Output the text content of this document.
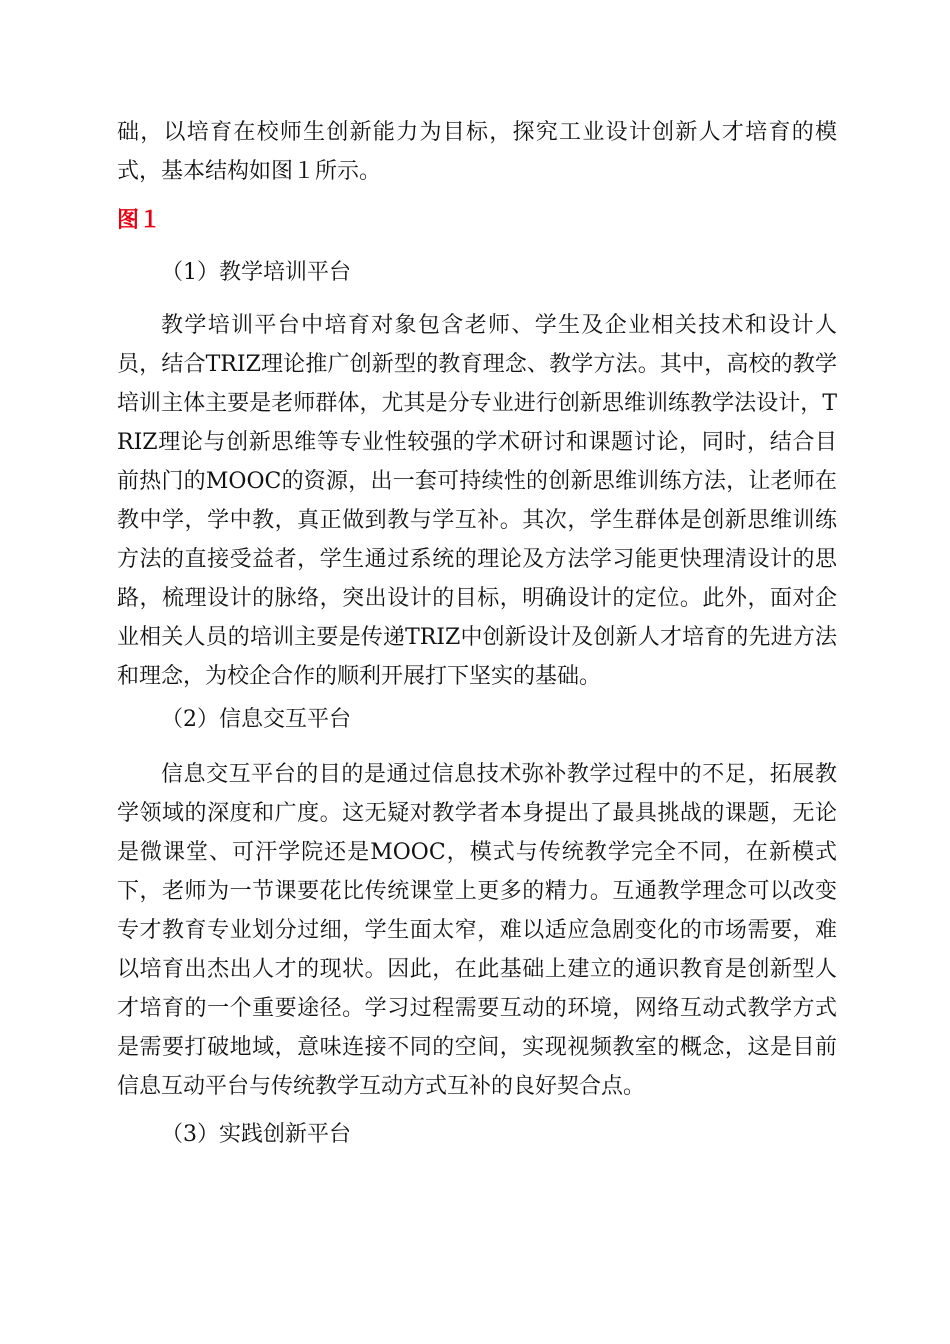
础，以培育在校师生创新能力为目标，探究工业设计创新人才培育的模式，基本结构如图１所示。

图１

（1）教学培训平台

教学培训平台中培育对象包含老师、学生及企业相关技术和设计人员，结合TRIZ理论推广创新型的教育理念、教学方法。其中，高校的教学培训主体主要是老师群体，尤其是分专业进行创新思维训练教学法设计，TRIZ理论与创新思维等专业性较强的学术研讨和课题讨论，同时，结合目前热门的MOOC的资源，出一套可持续性的创新思维训练方法，让老师在教中学，学中教，真正做到教与学互补。其次，学生群体是创新思维训练方法的直接受益者，学生通过系统的理论及方法学习能更快理清设计的思路，梳理设计的脉络，突出设计的目标，明确设计的定位。此外，面对企业相关人员的培训主要是传递TRIZ中创新设计及创新人才培育的先进方法和理念，为校企合作的顺利开展打下坚实的基础。

（2）信息交互平台

信息交互平台的目的是通过信息技术弥补教学过程中的不足，拓展教学领域的深度和广度。这无疑对教学者本身提出了最具挑战的课题，无论是微课堂、可汗学院还是MOOC，模式与传统教学完全不同，在新模式下，老师为一节课要花比传统课堂上更多的精力。互通教学理念可以改变专才教育专业划分过细，学生面太窄，难以适应急剧变化的市场需要，难以培育出杰出人才的现状。因此，在此基础上建立的通识教育是创新型人才培育的一个重要途径。学习过程需要互动的环境，网络互动式教学方式是需要打破地域，意味连接不同的空间，实现视频教室的概念，这是目前信息互动平台与传统教学互动方式互补的良好契合点。

（3）实践创新平台
